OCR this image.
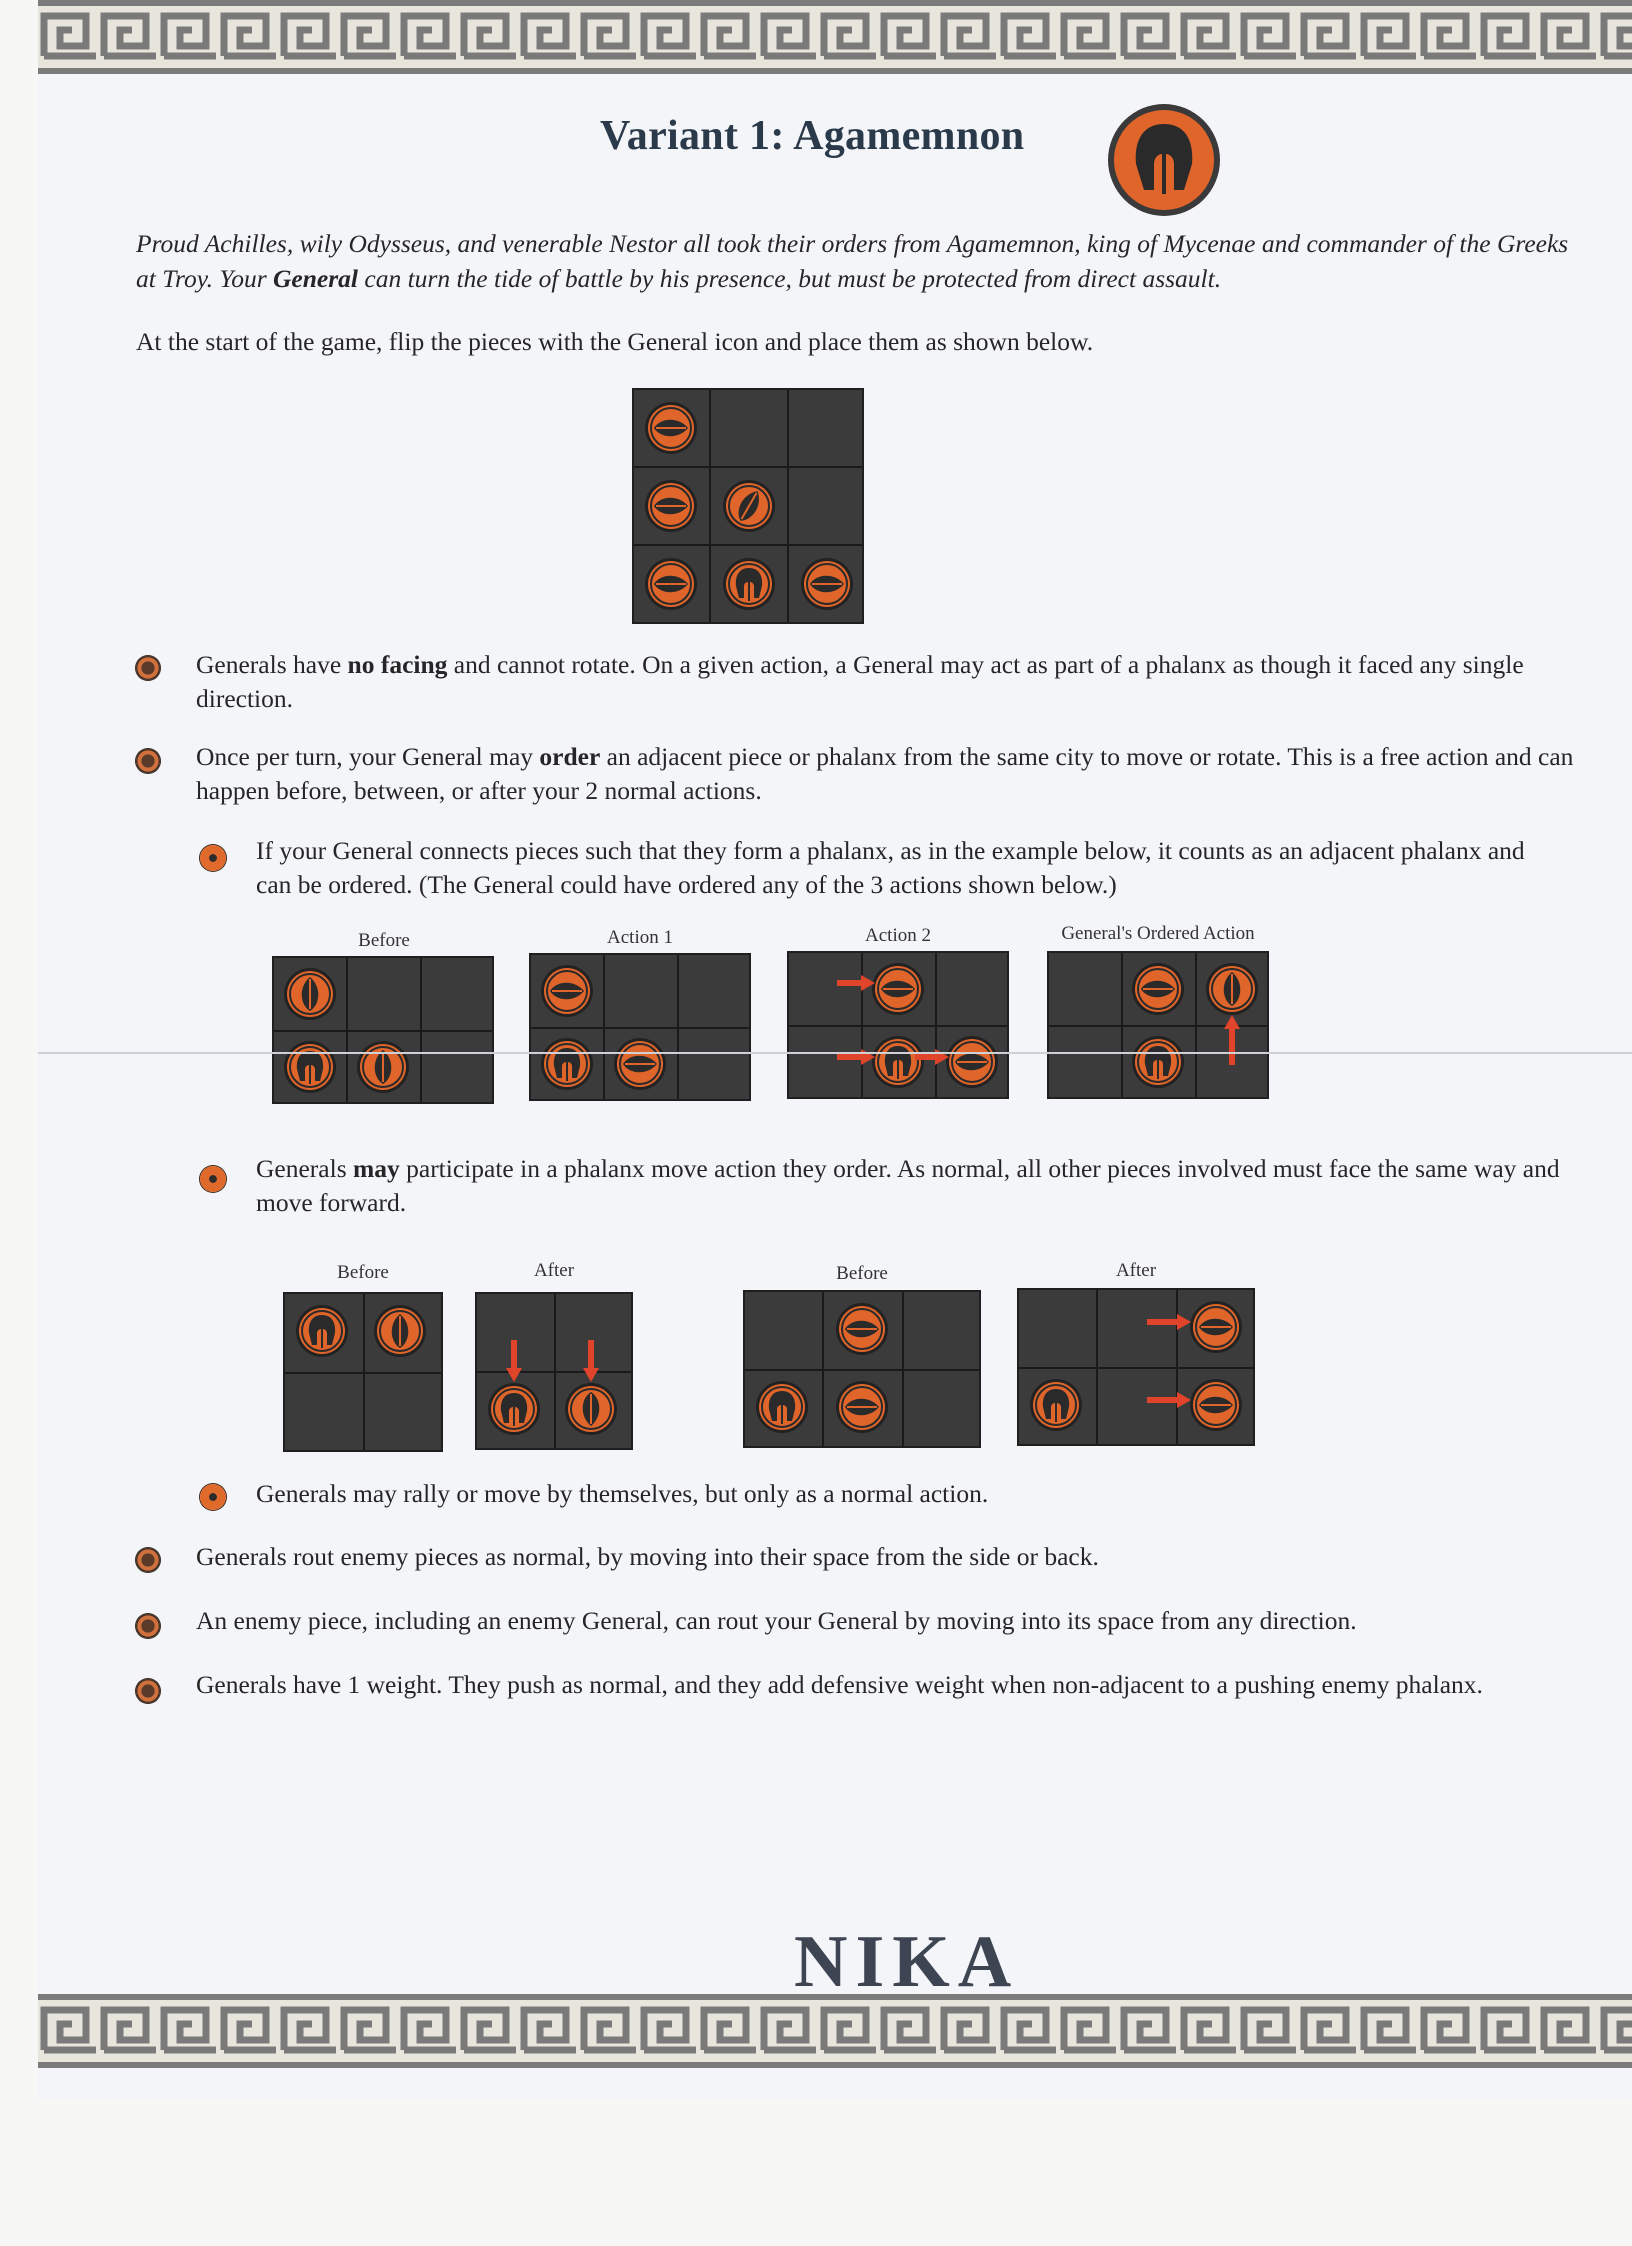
Variant 1: Agamemnon

Proud Achilles, wily Odysseus, and venerable Nestor all took their orders from Agamemnon, king of Mycenae and commander of the Greeks at Troy. Your General can turn the tide of battle by his presence, but must be protected from direct assault.

At the start of the game, flip the pieces with the General icon and place them as shown below.

Generals have no facing and cannot rotate. On a given action, a General may act as part of a phalanx as though it faced any single direction.

Once per turn, your General may order an adjacent piece or phalanx from the same city to move or rotate. This is a free action and can happen before, between, or after your 2 normal actions.

If your General connects pieces such that they form a phalanx, as in the example below, it counts as an adjacent phalanx and can be ordered. (The General could have ordered any of the 3 actions shown below.)

Before	Action 1	Action 2	General's Ordered Action

Generals may participate in a phalanx move action they order. As normal, all other pieces involved must face the same way and move forward.

Before	After	Before	After

Generals may rally or move by themselves, but only as a normal action.

Generals rout enemy pieces as normal, by moving into their space from the side or back.

An enemy piece, including an enemy General, can rout your General by moving into its space from any direction.

Generals have 1 weight. They push as normal, and they add defensive weight when non-adjacent to a pushing enemy phalanx.

NIKA
